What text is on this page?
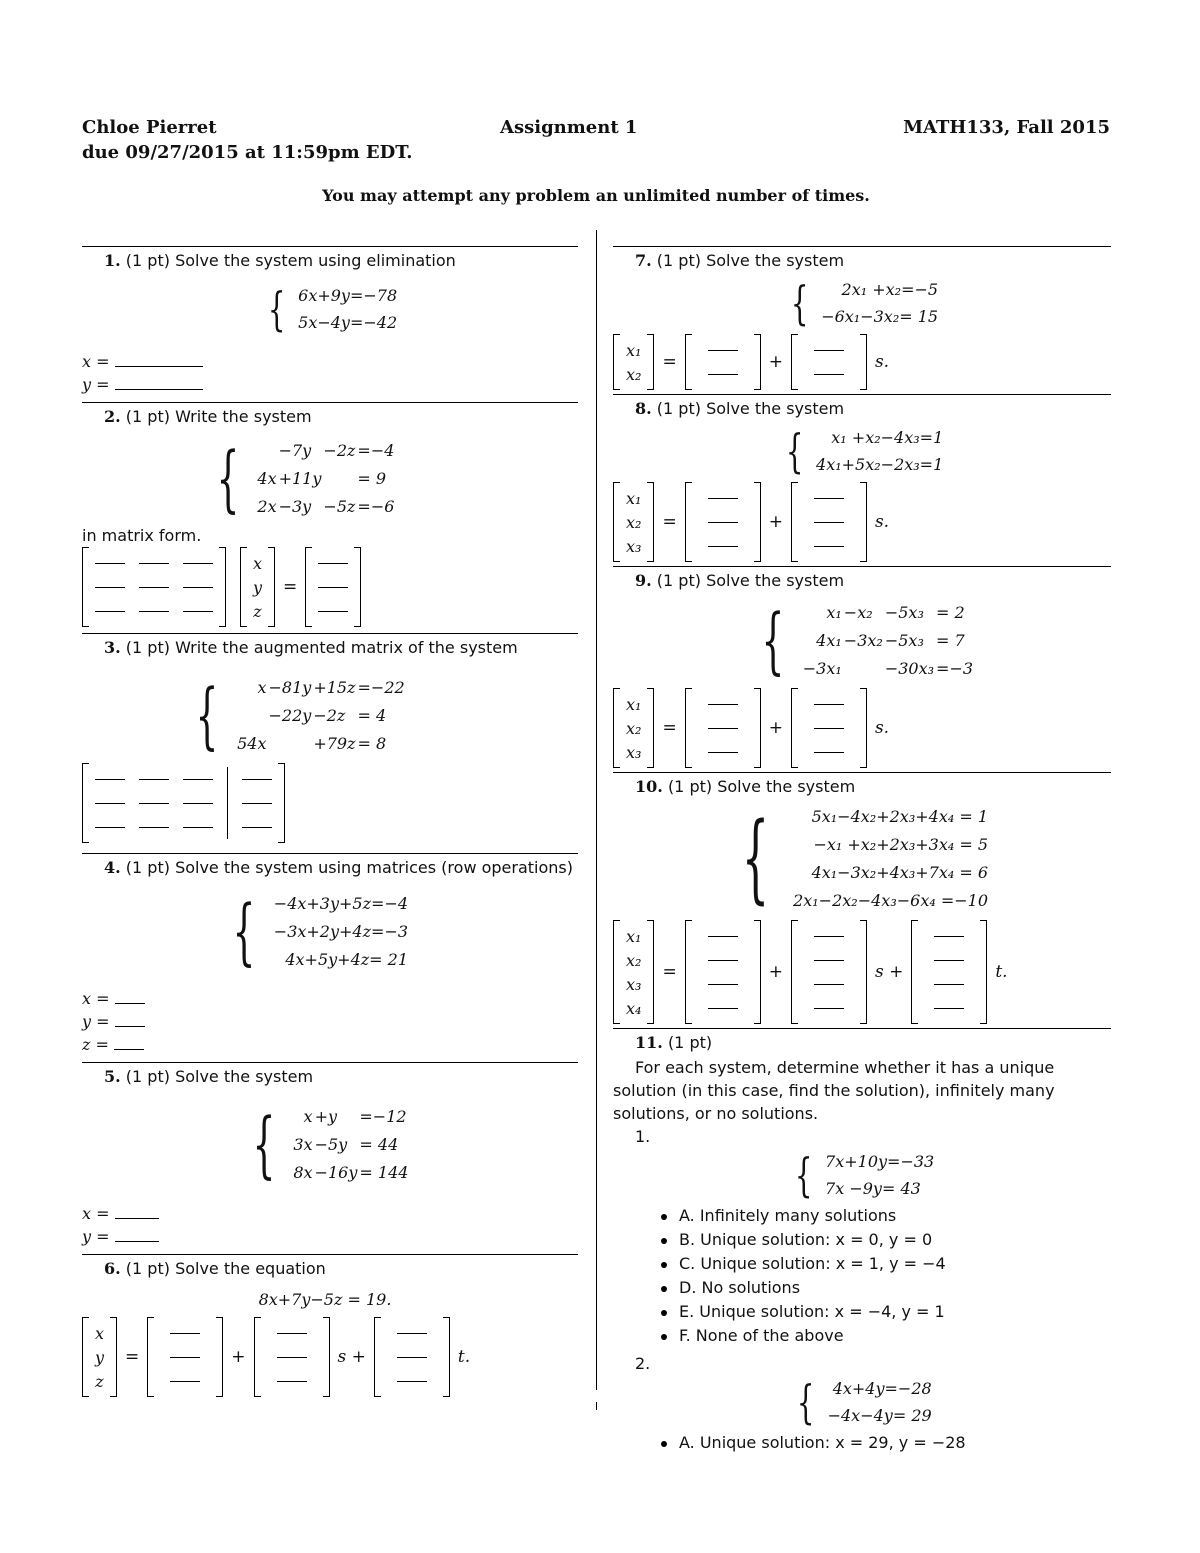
Chloe Pierret	Assignment 1	MATH133, Fall 2015
due 09/27/2015 at 11:59pm EDT.
You may attempt any problem an unlimited number of times.
1. (1 pt) Solve the system using elimination
{ 6x+9y=−78
5x−4y=−42
x =
y =
2. (1 pt) Write the system
{
	−7y	−2z	=−4
4x	+11y		= 9
2x	−3y	−5z	=−6

in matrix form.

x
y
z
=
3. (1 pt) Write the augmented matrix of the system
{ x	−81y	+15z	=−22
	−22y	−2z	= 4
54x		+79z	= 8
4. (1 pt) Solve the system using matrices (row operations)
{ −4x+3y+5z=−4
−3x+2y+4z=−3
4x+5y+4z= 21
x =
y =
z =
5. (1 pt) Solve the system
{ x	+y	=−12
3x	−5y	= 44
8x	−16y	= 144
x =
y =
6. (1 pt) Solve the equation
8x+7y−5z = 19.
x
y
z
=	+	s +	t.
7. (1 pt) Solve the system
{ 2x₁ +x₂=−5
−6x₁−3x₂= 15
x₁
x₂
=	+	s.
8. (1 pt) Solve the system
{ x₁ +x₂−4x₃=1
4x₁+5x₂−2x₃=1
x₁
x₂
x₃
=	+	s.
9. (1 pt) Solve the system
{	x₁	−x₂	−5x₃	= 2
4x₁	−3x₂	−5x₃	= 7
−3x₁		−30x₃	=−3
x₁
x₂
x₃
=	+	s.
10. (1 pt) Solve the system
{	5x₁−4x₂+2x₃+4x₄ = 1
−x₁ +x₂+2x₃+3x₄ = 5
4x₁−3x₂+4x₃+7x₄ = 6
2x₁−2x₂−4x₃−6x₄ =−10
x₁
x₂
x₃
x₄
=	+	s +	t.
11. (1 pt)

For each system, determine whether it has a unique solution (in this case, find the solution), infinitely many solutions, or no solutions.

1.
{ 7x+10y=−33
7x −9y= 43
A. Infinitely many solutions
B. Unique solution: x = 0, y = 0
C. Unique solution: x = 1, y = −4
D. No solutions
E. Unique solution: x = −4, y = 1
F. None of the above
2.
{ 4x+4y=−28
−4x−4y= 29
A. Unique solution: x = 29, y = −28
